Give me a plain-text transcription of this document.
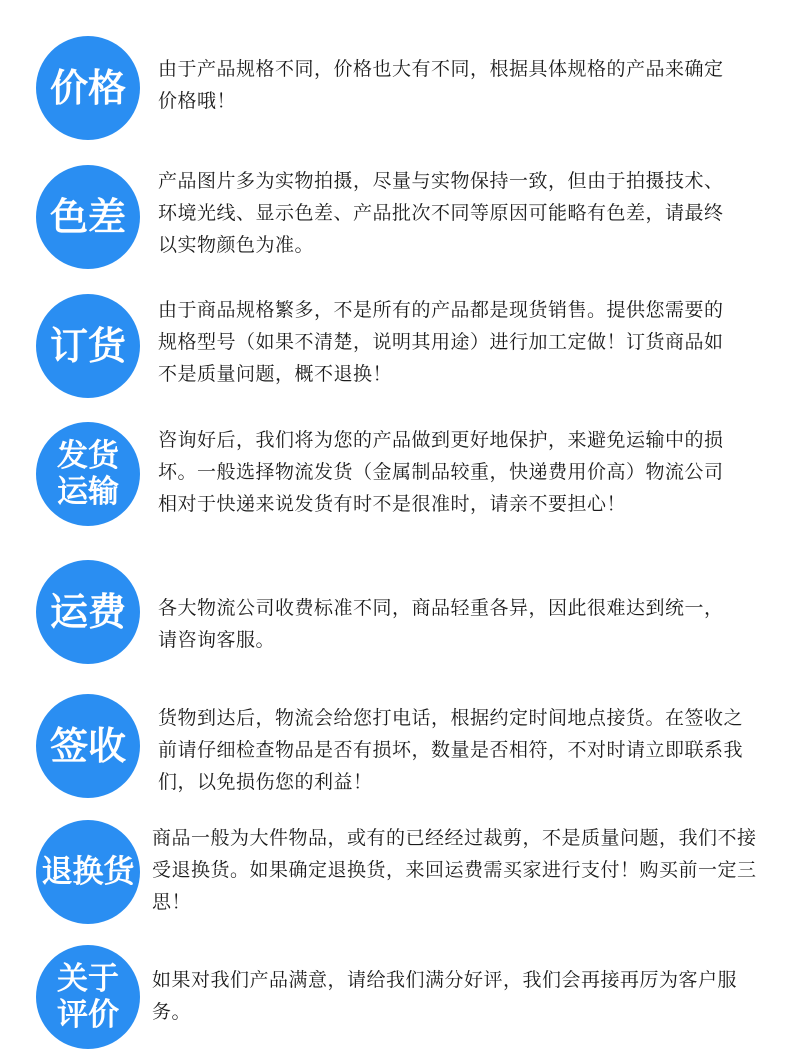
价格 由于产品规格不同，价格也大有不同，根据具体规格的产品来确定价格哦！

色差

产品图片多为实物拍摄，尽量与实物保持一致，但由于拍摄技术、环境光线、显示色差、产品批次不同等原因可能略有色差，请最终以实物颜色为准。

订货

由于商品规格繁多，不是所有的产品都是现货销售。提供您需要的规格型号（如果不清楚，说明其用途）进行加工定做！订货商品如不是质量问题，概不退换！

发货
运输

咨询好后，我们将为您的产品做到更好地保护，来避免运输中的损坏。一般选择物流发货（金属制品较重，快递费用价高）物流公司相对于快递来说发货有时不是很准时，请亲不要担心！

运费 各大物流公司收费标准不同，商品轻重各异，因此很难达到统一，请咨询客服。

签收

货物到达后，物流会给您打电话，根据约定时间地点接货。在签收之前请仔细检查物品是否有损坏，数量是否相符，不对时请立即联系我们，以免损伤您的利益！

退换货

商品一般为大件物品，或有的已经经过裁剪，不是质量问题，我们不接受退换货。如果确定退换货，来回运费需买家进行支付！购买前一定三思！

关于
评价

如果对我们产品满意，请给我们满分好评，我们会再接再厉为客户服务。
